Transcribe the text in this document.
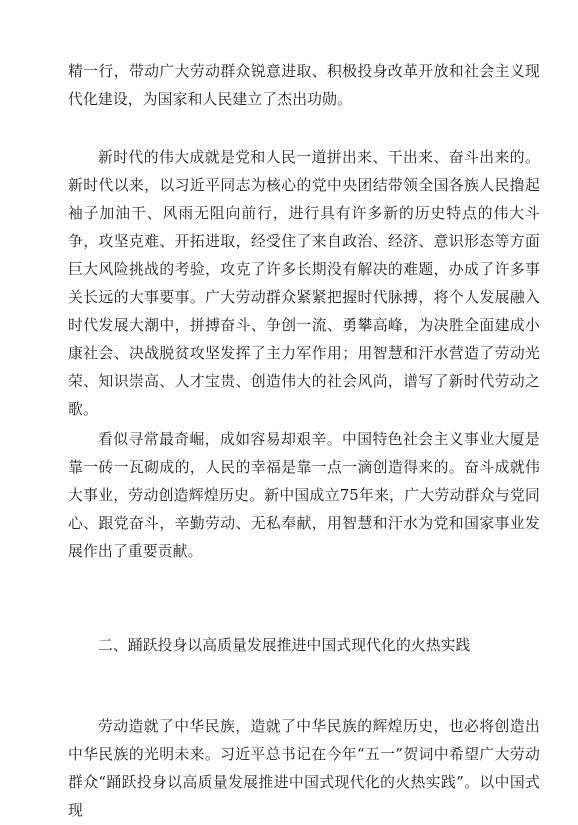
精一行，带动广大劳动群众锐意进取、积极投身改革开放和社会主义现代化建设，为国家和人民建立了杰出功勋。

新时代的伟大成就是党和人民一道拼出来、干出来、奋斗出来的。新时代以来，以习近平同志为核心的党中央团结带领全国各族人民撸起袖子加油干、风雨无阻向前行，进行具有许多新的历史特点的伟大斗争，攻坚克难、开拓进取，经受住了来自政治、经济、意识形态等方面巨大风险挑战的考验，攻克了许多长期没有解决的难题，办成了许多事关长远的大事要事。广大劳动群众紧紧把握时代脉搏，将个人发展融入时代发展大潮中，拼搏奋斗、争创一流、勇攀高峰，为决胜全面建成小康社会、决战脱贫攻坚发挥了主力军作用；用智慧和汗水营造了劳动光荣、知识崇高、人才宝贵、创造伟大的社会风尚，谱写了新时代劳动之歌。

看似寻常最奇崛，成如容易却艰辛。中国特色社会主义事业大厦是靠一砖一瓦砌成的，人民的幸福是靠一点一滴创造得来的。奋斗成就伟大事业，劳动创造辉煌历史。新中国成立75年来，广大劳动群众与党同心、跟党奋斗，辛勤劳动、无私奉献，用智慧和汗水为党和国家事业发展作出了重要贡献。

二、踊跃投身以高质量发展推进中国式现代化的火热实践

劳动造就了中华民族，造就了中华民族的辉煌历史，也必将创造出中华民族的光明未来。习近平总书记在今年“五一”贺词中希望广大劳动群众“踊跃投身以高质量发展推进中国式现代化的火热实践”。以中国式现
